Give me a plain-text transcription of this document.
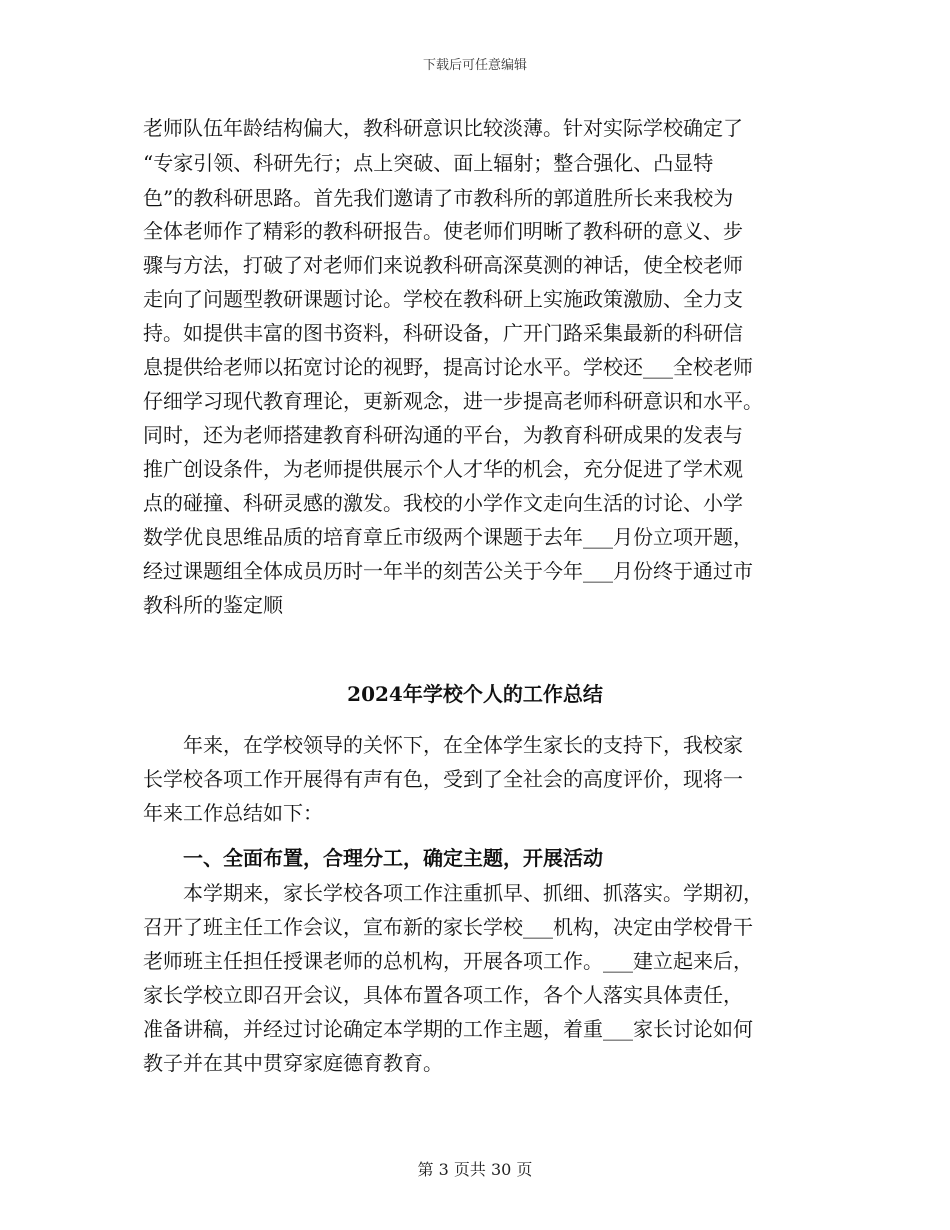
下载后可任意编辑
老师队伍年龄结构偏大，教科研意识比较淡薄。针对实际学校确定了
“专家引领、科研先行；点上突破、面上辐射；整合强化、凸显特
色”的教科研思路。首先我们邀请了市教科所的郭道胜所长来我校为
全体老师作了精彩的教科研报告。使老师们明晰了教科研的意义、步
骤与方法，打破了对老师们来说教科研高深莫测的神话，使全校老师
走向了问题型教研课题讨论。学校在教科研上实施政策激励、全力支
持。如提供丰富的图书资料，科研设备，广开门路采集最新的科研信
息提供给老师以拓宽讨论的视野，提高讨论水平。学校还___全校老师
仔细学习现代教育理论，更新观念，进一步提高老师科研意识和水平。
同时，还为老师搭建教育科研沟通的平台，为教育科研成果的发表与
推广创设条件，为老师提供展示个人才华的机会，充分促进了学术观
点的碰撞、科研灵感的激发。我校的小学作文走向生活的讨论、小学
数学优良思维品质的培育章丘市级两个课题于去年___月份立项开题，
经过课题组全体成员历时一年半的刻苦公关于今年___月份终于通过市
教科所的鉴定顺
2024年学校个人的工作总结
年来，在学校领导的关怀下，在全体学生家长的支持下，我校家
长学校各项工作开展得有声有色，受到了全社会的高度评价，现将一
年来工作总结如下：
一、全面布置，合理分工，确定主题，开展活动
本学期来，家长学校各项工作注重抓早、抓细、抓落实。学期初，
召开了班主任工作会议，宣布新的家长学校___机构，决定由学校骨干
老师班主任担任授课老师的总机构，开展各项工作。___建立起来后，
家长学校立即召开会议，具体布置各项工作，各个人落实具体责任，
准备讲稿，并经过讨论确定本学期的工作主题，着重___家长讨论如何
教子并在其中贯穿家庭德育教育。
第 3 页共 30 页
